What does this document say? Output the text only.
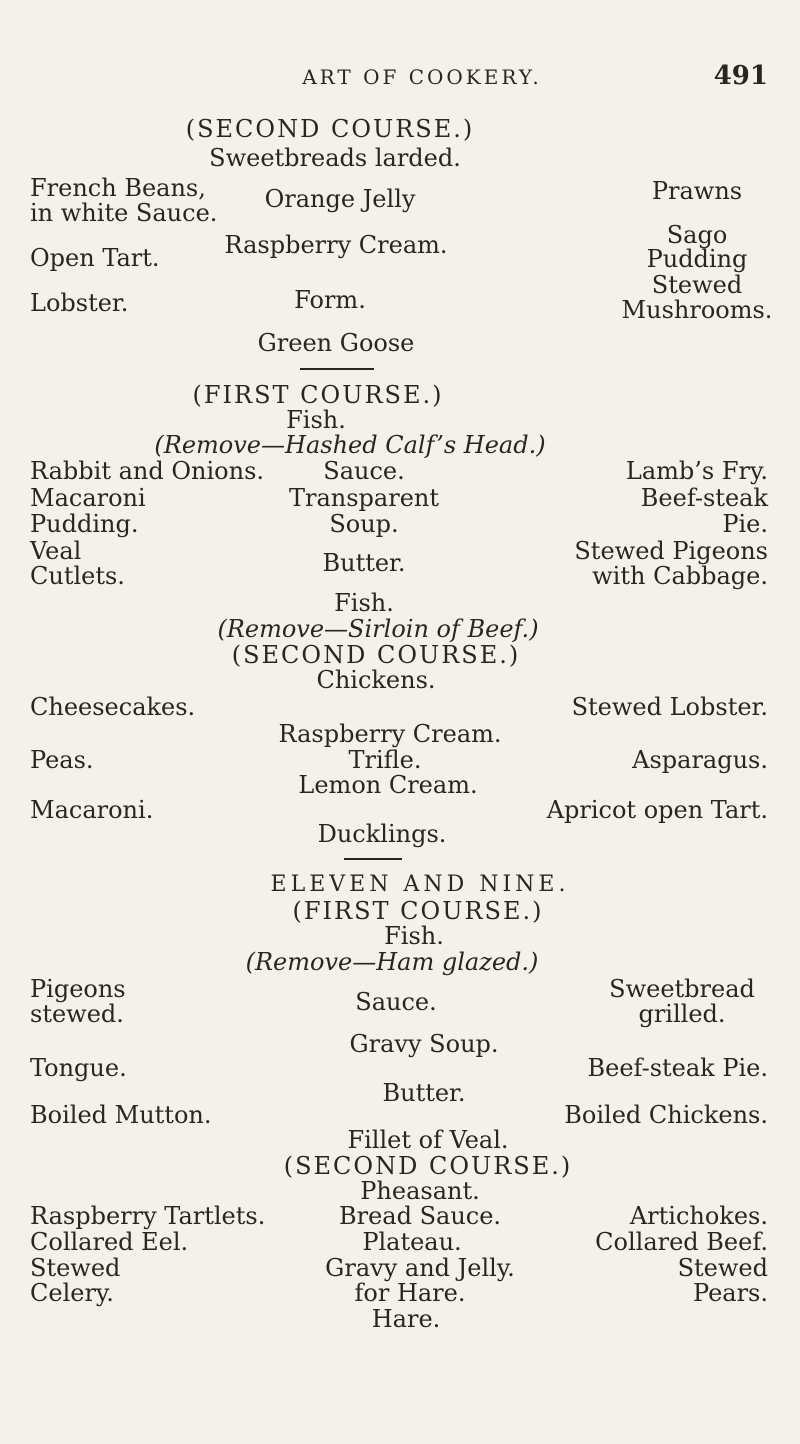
ART OF COOKERY.	491
(SECOND COURSE.)
Sweetbreads larded.
Orange Jelly
Raspberry Cream.
Form.
Green Goose
French Beans,
in white Sauce.
Open Tart.
Lobster.
Prawns
Sago
Pudding
Stewed
Mushrooms.
(FIRST COURSE.)
Fish.
(Remove—Hashed Calf’s Head.)
Rabbit and Onions.
Macaroni
Pudding.
Veal
Cutlets.
Sauce.
Transparent
Soup.
Butter.
Lamb’s Fry.
Beef-steak
Pie.
Stewed Pigeons
with Cabbage.
Fish.
(Remove—Sirloin of Beef.)
(SECOND COURSE.)
Chickens.
Raspberry Cream.
Trifle.
Lemon Cream.
Ducklings.
Cheesecakes.
Peas.
Macaroni.
Stewed Lobster.
Asparagus.
Apricot open Tart.
ELEVEN AND NINE.
(FIRST COURSE.)
Fish.
(Remove—Ham glazed.)
Pigeons
stewed.
Tongue.
Boiled Mutton.
Sauce.
Gravy Soup.
Butter.
Fillet of Veal.
Sweetbread
grilled.
Beef-steak Pie.
Boiled Chickens.
(SECOND COURSE.)
Pheasant.
Bread Sauce.
Plateau.
Gravy and Jelly.
for Hare.
Hare.
Raspberry Tartlets.
Collared Eel.
Stewed
Celery.
Artichokes.
Collared Beef.
Stewed
Pears.
